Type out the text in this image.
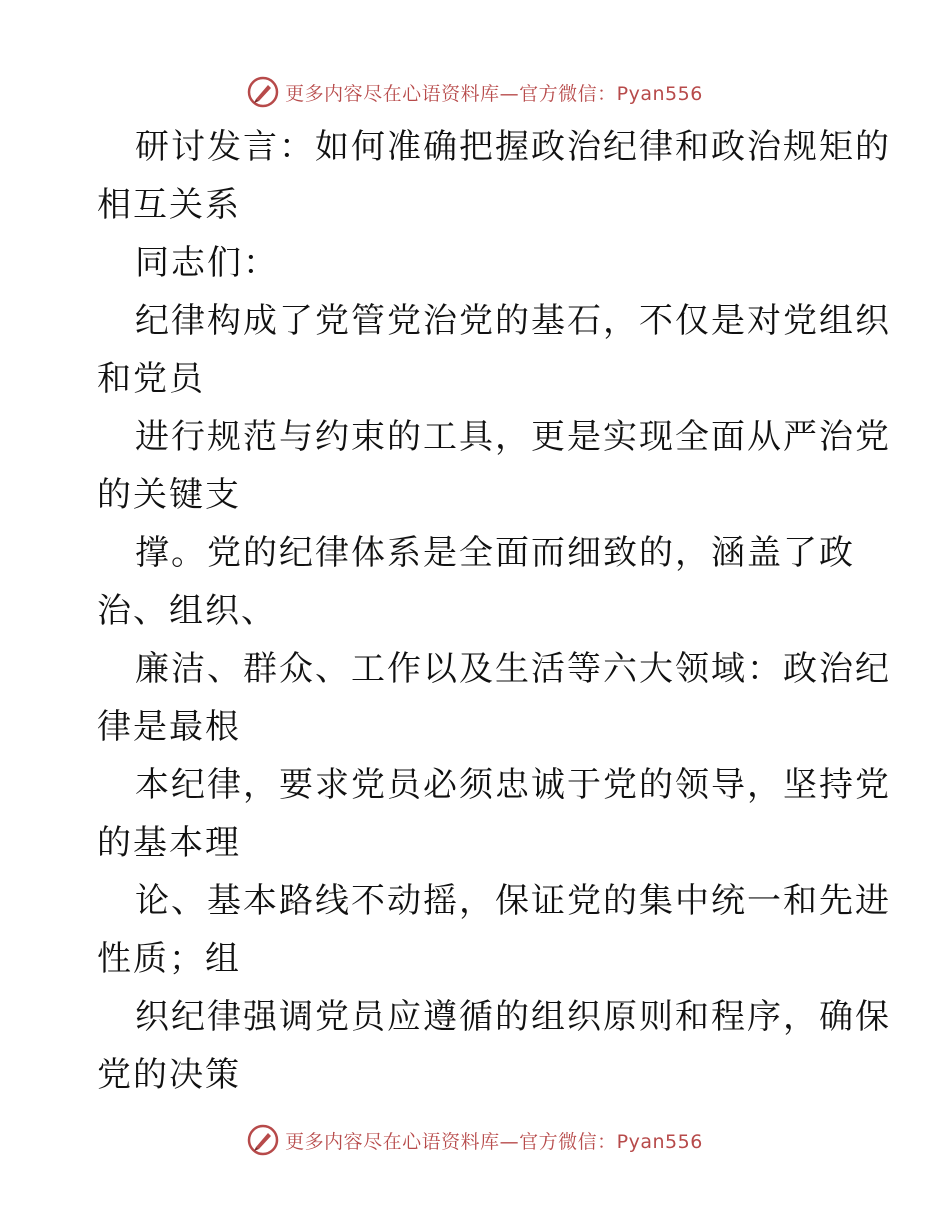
更多内容尽在心语资料库—官方微信：Pyan556
研讨发言：如何准确把握政治纪律和政治规矩的
相互关系
同志们：
纪律构成了党管党治党的基石，不仅是对党组织
和党员
进行规范与约束的工具，更是实现全面从严治党
的关键支
撑。党的纪律体系是全面而细致的，涵盖了政
治、组织、
廉洁、群众、工作以及生活等六大领域：政治纪
律是最根
本纪律，要求党员必须忠诚于党的领导，坚持党
的基本理
论、基本路线不动摇，保证党的集中统一和先进
性质；组
织纪律强调党员应遵循的组织原则和程序，确保
党的决策
更多内容尽在心语资料库—官方微信：Pyan556
